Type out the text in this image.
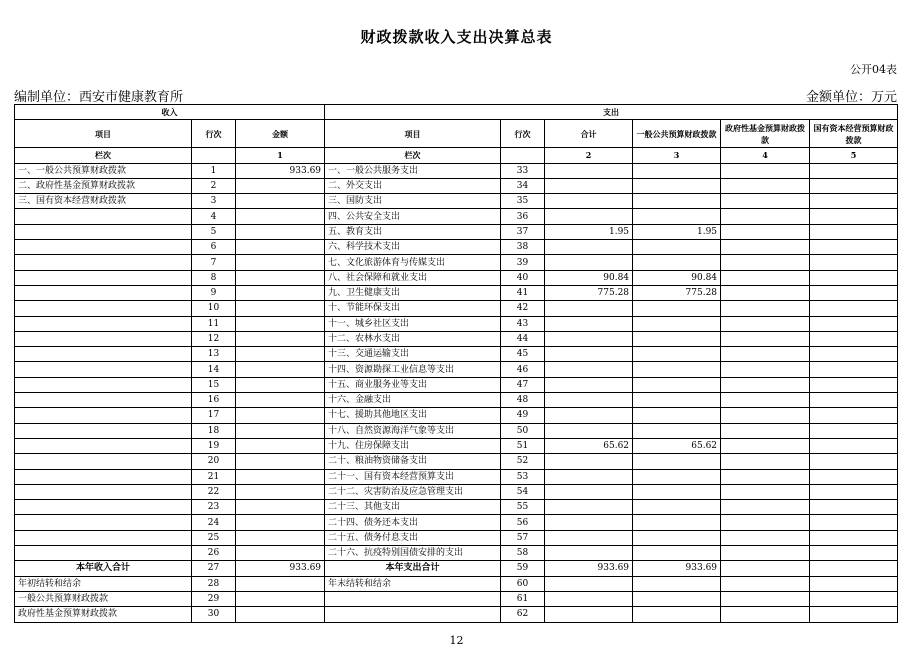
财政拨款收入支出决算总表
公开04表
编制单位：西安市健康教育所	金额单位：万元
收入			支出					
项目	行次	金额	项目	行次	合计	一般公共预算财政拨款	政府性基金预算财政拨款	国有资本经营预算财政拨款
栏次		1	栏次		2	3	4	5
一、一般公共预算财政拨款	1	933.69	一、一般公共服务支出	33				
二、政府性基金预算财政拨款	2		二、外交支出	34				
三、国有资本经营财政拨款	3		三、国防支出	35				
	4		四、公共安全支出	36				
	5		五、教育支出	37	1.95	1.95		
	6		六、科学技术支出	38				
	7		七、文化旅游体育与传媒支出	39				
	8		八、社会保障和就业支出	40	90.84	90.84		
	9		九、卫生健康支出	41	775.28	775.28		
	10		十、节能环保支出	42				
	11		十一、城乡社区支出	43				
	12		十二、农林水支出	44				
	13		十三、交通运输支出	45				
	14		十四、资源勘探工业信息等支出	46				
	15		十五、商业服务业等支出	47				
	16		十六、金融支出	48				
	17		十七、援助其他地区支出	49				
	18		十八、自然资源海洋气象等支出	50				
	19		十九、住房保障支出	51	65.62	65.62		
	20		二十、粮油物资储备支出	52				
	21		二十一、国有资本经营预算支出	53				
	22		二十二、灾害防治及应急管理支出	54				
	23		二十三、其他支出	55				
	24		二十四、债务还本支出	56				
	25		二十五、债务付息支出	57				
	26		二十六、抗疫特别国债安排的支出	58				
本年收入合计	27	933.69	本年支出合计	59	933.69	933.69		
年初结转和结余	28		年末结转和结余	60				
一般公共预算财政拨款	29			61				
政府性基金预算财政拨款	30			62				
12
